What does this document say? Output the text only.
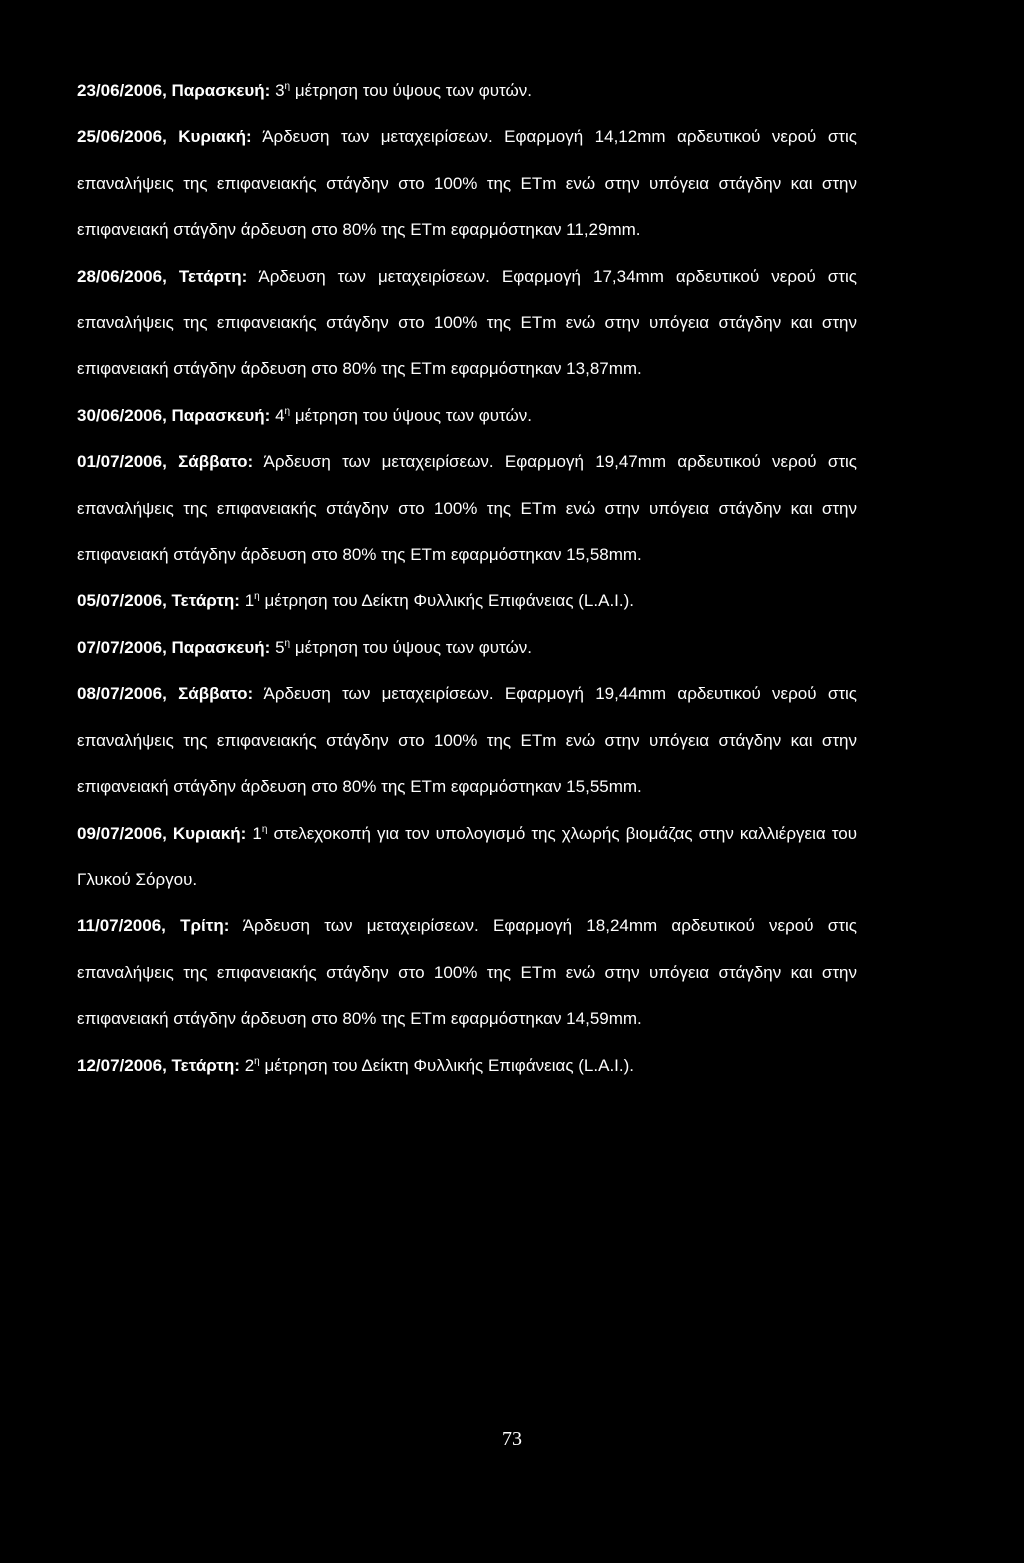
23/06/2006, Παρασκευή: $3^\eta$ μέτρηση του ύψους των φυτών.

25/06/2006, Κυριακή: Άρδευση των μεταχειρίσεων. Εφαρμογή 14,12mm αρδευτικού νερού στις επαναλήψεις της επιφανειακής στάγδην στο 100% της ETm ενώ στην υπόγεια στάγδην και στην επιφανειακή στάγδην άρδευση στο 80% της ETm εφαρμόστηκαν 11,29mm.

28/06/2006, Τετάρτη: Άρδευση των μεταχειρίσεων. Εφαρμογή 17,34mm αρδευτικού νερού στις επαναλήψεις της επιφανειακής στάγδην στο 100% της ETm ενώ στην υπόγεια στάγδην και στην επιφανειακή στάγδην άρδευση στο 80% της ETm εφαρμόστηκαν 13,87mm.

30/06/2006, Παρασκευή: $4^\eta$ μέτρηση του ύψους των φυτών.

01/07/2006, Σάββατο: Άρδευση των μεταχειρίσεων. Εφαρμογή 19,47mm αρδευτικού νερού στις επαναλήψεις της επιφανειακής στάγδην στο 100% της ETm ενώ στην υπόγεια στάγδην και στην επιφανειακή στάγδην άρδευση στο 80% της ETm εφαρμόστηκαν 15,58mm.

05/07/2006, Τετάρτη: $1^\eta$ μέτρηση του Δείκτη Φυλλικής Επιφάνειας (L.A.I.).

07/07/2006, Παρασκευή: $5^\eta$ μέτρηση του ύψους των φυτών.

08/07/2006, Σάββατο: Άρδευση των μεταχειρίσεων. Εφαρμογή 19,44mm αρδευτικού νερού στις επαναλήψεις της επιφανειακής στάγδην στο 100% της ETm ενώ στην υπόγεια στάγδην και στην επιφανειακή στάγδην άρδευση στο 80% της ETm εφαρμόστηκαν 15,55mm.

09/07/2006, Κυριακή: $1^\eta$ στελεχοκοπή για τον υπολογισμό της χλωρής βιομάζας στην καλλιέργεια του Γλυκού Σόργου.

11/07/2006, Τρίτη: Άρδευση των μεταχειρίσεων. Εφαρμογή 18,24mm αρδευτικού νερού στις επαναλήψεις της επιφανειακής στάγδην στο 100% της ETm ενώ στην υπόγεια στάγδην και στην επιφανειακή στάγδην άρδευση στο 80% της ETm εφαρμόστηκαν 14,59mm.

12/07/2006, Τετάρτη: $2^\eta$ μέτρηση του Δείκτη Φυλλικής Επιφάνειας (L.A.I.).

73
